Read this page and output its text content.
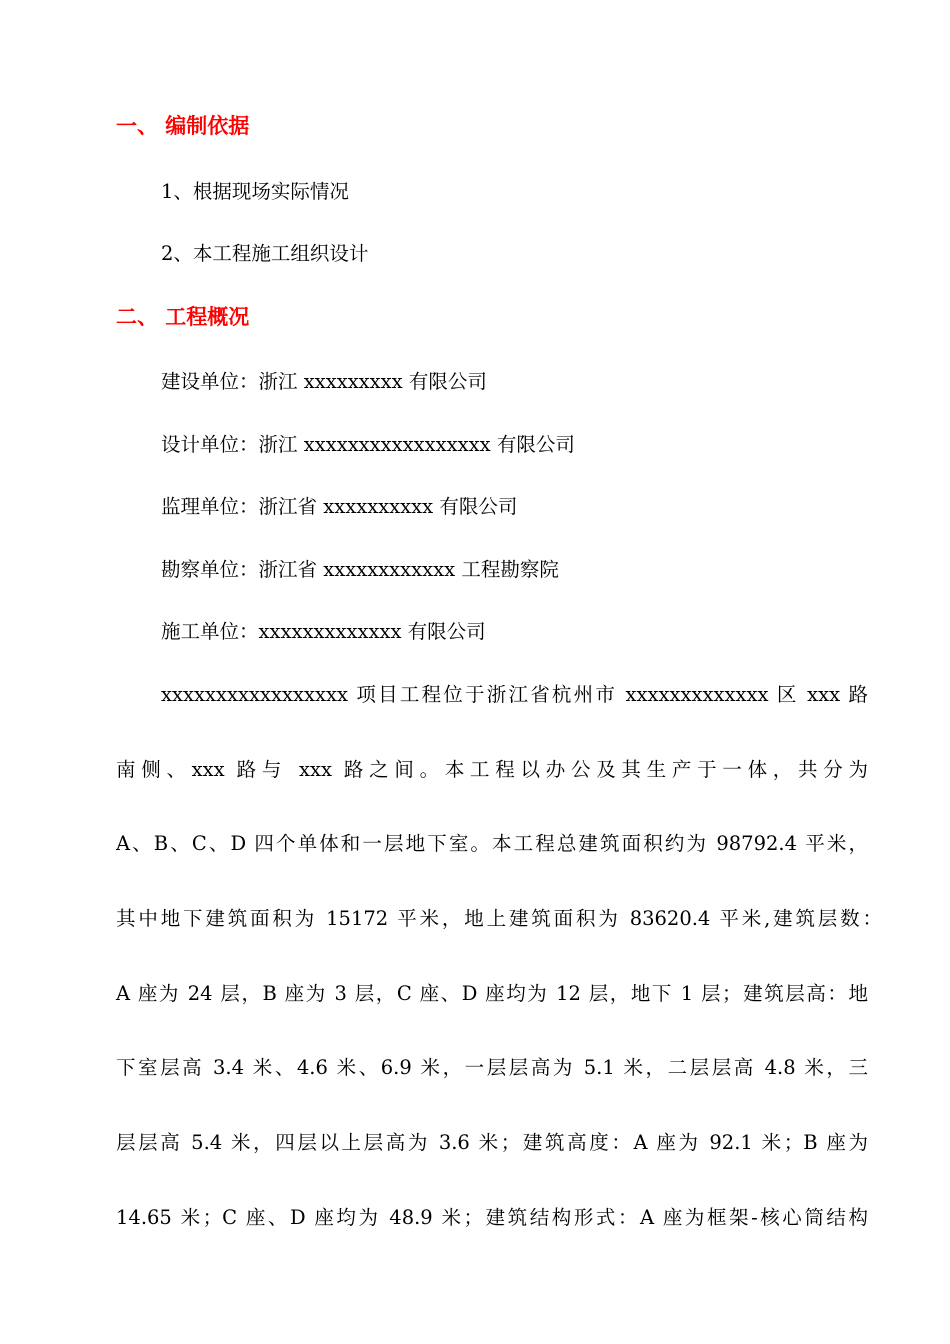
一、 编制依据
1、根据现场实际情况
2、本工程施工组织设计
二、 工程概况
建设单位：浙江 xxxxxxxxx 有限公司
设计单位：浙江 xxxxxxxxxxxxxxxxx 有限公司
监理单位：浙江省 xxxxxxxxxx 有限公司
勘察单位：浙江省 xxxxxxxxxxxx 工程勘察院
施工单位：xxxxxxxxxxxxx 有限公司
xxxxxxxxxxxxxxxxx 项目工程位于浙江省杭州市 xxxxxxxxxxxxx 区 xxx 路
南侧、xxx 路与 xxx 路之间。本工程以办公及其生产于一体，共分为
A、B、C、D 四个单体和一层地下室。本工程总建筑面积约为 98792.4 平米，
其中地下建筑面积为 15172 平米，地上建筑面积为 83620.4 平米,建筑层数：
A 座为 24 层，B 座为 3 层，C 座、D 座均为 12 层，地下 1 层；建筑层高：地
下室层高 3.4 米、4.6 米、6.9 米，一层层高为 5.1 米，二层层高 4.8 米，三
层层高 5.4 米，四层以上层高为 3.6 米；建筑高度：A 座为 92.1 米；B 座为
14.65 米；C 座、D 座均为 48.9 米；建筑结构形式：A 座为框架-核心筒结构
